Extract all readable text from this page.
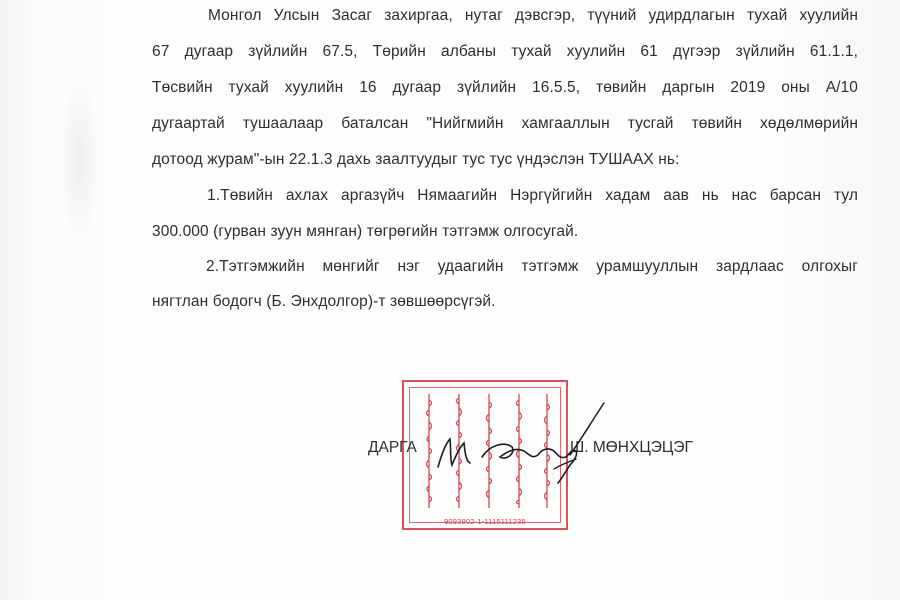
Монгол Улсын Засаг захиргаа, нутаг дэвсгэр, түүний удирдлагын тухай хуулийн
67 дугаар зүйлийн 67.5, Төрийн албаны тухай хуулийн 61 дүгээр зүйлийн 61.1.1,
Төсвийн тухай хуулийн 16 дугаар зүйлийн 16.5.5, төвийн даргын 2019 оны А/10
дугаартай тушаалаар баталсан "Нийгмийн хамгааллын тусгай төвийн хөдөлмөрийн
дотоод журам"-ын 22.1.3 дахь заалтуудыг тус тус үндэслэн ТУШААХ нь:
1.Төвийн ахлах аргазүйч Нямаагийн Нэргүйгийн хадам аав нь нас барсан тул
300.000 (гурван зуун мянган) төгрөгийн тэтгэмж олгосугай.
2.Тэтгэмжийн мөнгийг нэг удаагийн тэтгэмж урамшууллын зардлаас олгохыг
нягтлан бодогч (Б. Энхдолгор)-т зөвшөөрсүгэй.
9093902-1-1115111235
ДАРГА	Ш. МӨНХЦЭЦЭГ
